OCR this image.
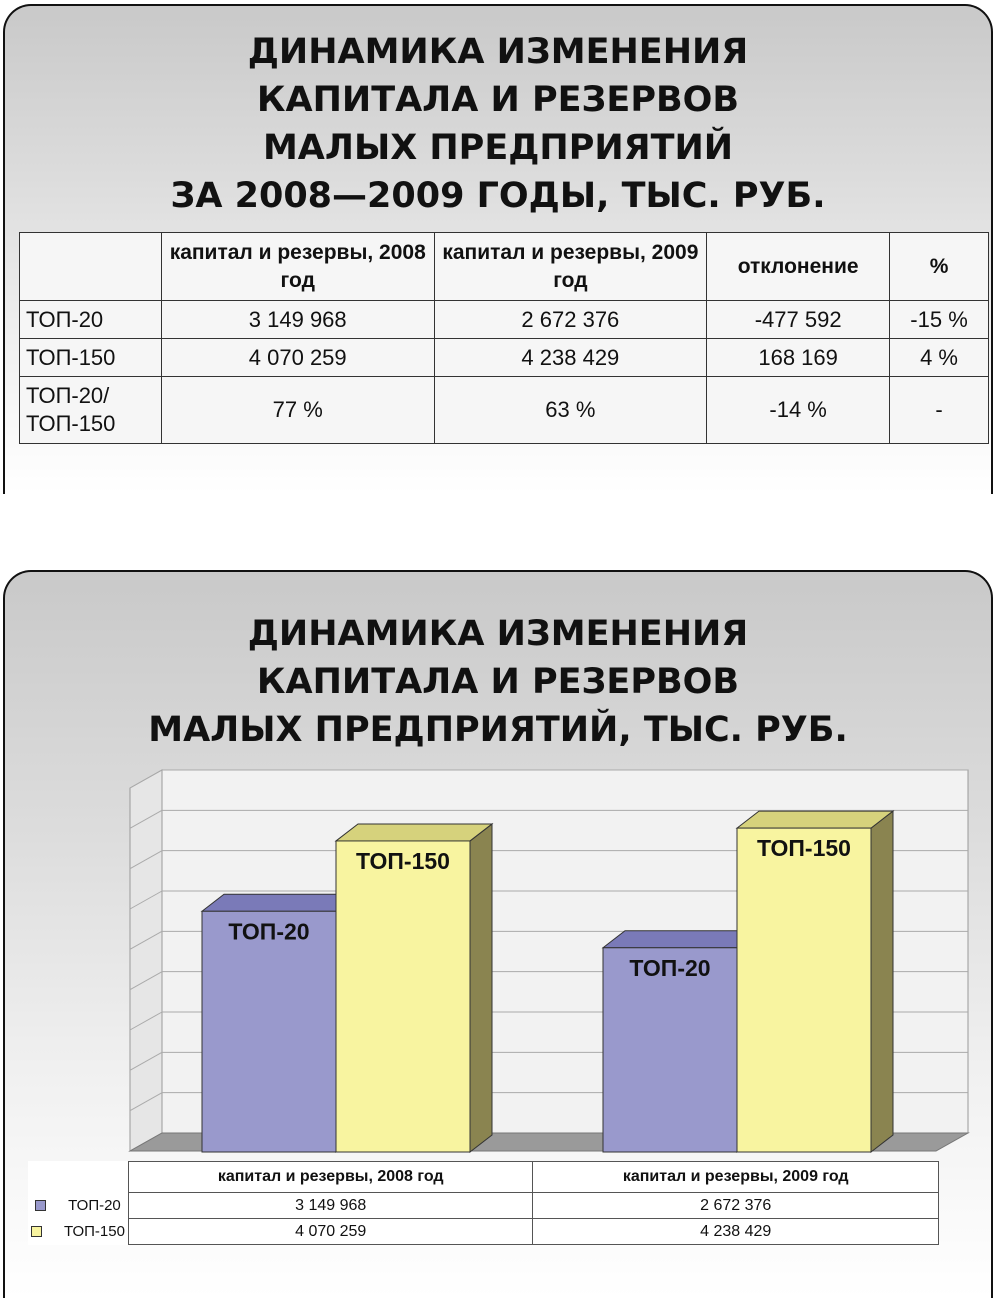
ДИНАМИКА ИЗМЕНЕНИЯ
КАПИТАЛА И РЕЗЕРВОВ
МАЛЫХ ПРЕДПРИЯТИЙ
ЗА 2008—2009 ГОДЫ, ТЫС. РУБ.
	капитал и резервы, 2008 год	капитал и резервы, 2009 год	отклонение	%
ТОП-20	3 149 968	2 672 376	-477 592	-15 %
ТОП-150	4 070 259	4 238 429	168 169	4 %
ТОП-20/ ТОП-150	77 %	63 %	-14 %	-
ДИНАМИКА ИЗМЕНЕНИЯ
КАПИТАЛА И РЕЗЕРВОВ
МАЛЫХ ПРЕДПРИЯТИЙ, ТЫС. РУБ.
ТОП-20
ТОП-150
ТОП-20
ТОП-150
	капитал и резервы, 2008 год	капитал и резервы, 2009 год
ТОП-20	3 149 968	2 672 376
ТОП-150	4 070 259	4 238 429
